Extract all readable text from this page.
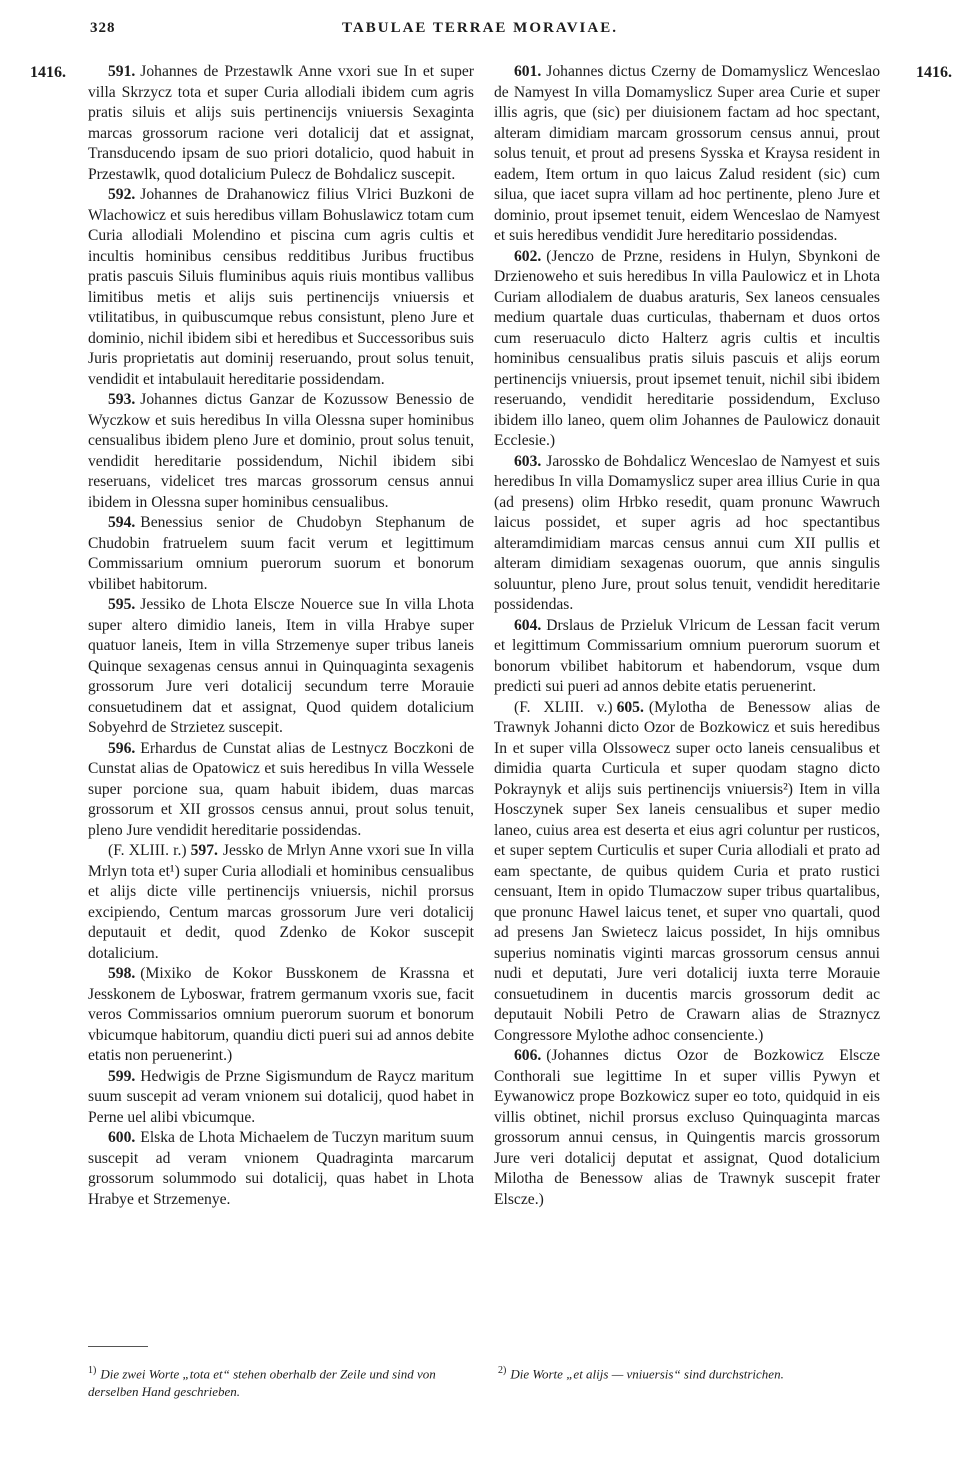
328	TABULAE TERRAE MORAVIAE.
1416.	1416.

591. Johannes de Przestawlk Anne vxori sue In et super villa Skrzycz tota et super Curia allodiali ibidem cum agris pratis siluis et alijs suis pertinencijs vniuersis Sexaginta marcas grossorum racione veri dotalicij dat et assignat, Transducendo ipsam de suo priori dotalicio, quod habuit in Przestawlk, quod dotalicium Pulecz de Bohdalicz suscepit.

592. Johannes de Drahanowicz filius Vlrici Buzkoni de Wlachowicz et suis heredibus villam Bohuslawicz totam cum Curia allodiali Molendino et piscina cum agris cultis et incultis hominibus censibus redditibus Juribus fructibus pratis pascuis Siluis fluminibus aquis riuis montibus vallibus limitibus metis et alijs suis pertinencijs vniuersis et vtilitatibus, in quibuscumque rebus consistunt, pleno Jure et dominio, nichil ibidem sibi et heredibus et Successoribus suis Juris proprietatis aut dominij reseruando, prout solus tenuit, vendidit et intabulauit hereditarie possidendam.

593. Johannes dictus Ganzar de Kozussow Benessio de Wyczkow et suis heredibus In villa Olessna super hominibus censualibus ibidem pleno Jure et dominio, prout solus tenuit, vendidit hereditarie possidendum, Nichil ibidem sibi reseruans, videlicet tres marcas grossorum census annui ibidem in Olessna super hominibus censualibus.

594. Benessius senior de Chudobyn Stephanum de Chudobin fratruelem suum facit verum et legittimum Commissarium omnium puerorum suorum et bonorum vbilibet habitorum.

595. Jessiko de Lhota Elscze Nouerce sue In villa Lhota super altero dimidio laneis, Item in villa Hrabye super quatuor laneis, Item in villa Strzemenye super tribus laneis Quinque sexagenas census annui in Quinquaginta sexagenis grossorum Jure veri dotalicij secundum terre Morauie consuetudinem dat et assignat, Quod quidem dotalicium Sobyehrd de Strzietez suscepit.

596. Erhardus de Cunstat alias de Lestnycz Boczkoni de Cunstat alias de Opatowicz et suis heredibus In villa Wessele super porcione sua, quam habuit ibidem, duas marcas grossorum et XII grossos census annui, prout solus tenuit, pleno Jure vendidit hereditarie possidendas.

(F. XLIII. r.) 597. Jessko de Mrlyn Anne vxori sue In villa Mrlyn tota et¹) super Curia allodiali et hominibus censualibus et alijs dicte ville pertinencijs vniuersis, nichil prorsus excipiendo, Centum marcas grossorum Jure veri dotalicij deputauit et dedit, quod Zdenko de Kokor suscepit dotalicium.

598. (Mixiko de Kokor Busskonem de Krassna et Jesskonem de Lyboswar, fratrem germanum vxoris sue, facit veros Commissarios omnium puerorum suorum et bonorum vbicumque habitorum, quandiu dicti pueri sui ad annos debite etatis non peruenerint.)

599. Hedwigis de Przne Sigismundum de Raycz maritum suum suscepit ad veram vnionem sui dotalicij, quod habet in Perne uel alibi vbicumque.

600. Elska de Lhota Michaelem de Tuczyn maritum suum suscepit ad veram vnionem Quadraginta marcarum grossorum solummodo sui dotalicij, quas habet in Lhota Hrabye et Strzemenye.

601. Johannes dictus Czerny de Domamyslicz Wenceslao de Namyest In villa Domamyslicz Super area Curie et super illis agris, que (sic) per diuisionem factam ad hoc spectant, alteram dimidiam marcam grossorum census annui, prout solus tenuit, et prout ad presens Sysska et Kraysa resident in eadem, Item ortum in quo laicus Zalud resident (sic) cum silua, que iacet supra villam ad hoc pertinente, pleno Jure et dominio, prout ipsemet tenuit, eidem Wenceslao de Namyest et suis heredibus vendidit Jure hereditario possidendas.

602. (Jenczo de Przne, residens in Hulyn, Sbynkoni de Drzienoweho et suis heredibus In villa Paulowicz et in Lhota Curiam allodialem de duabus araturis, Sex laneos censuales medium quartale duas curticulas, thabernam et duos ortos cum reseruaculo dicto Halterz agris cultis et incultis hominibus censualibus pratis siluis pascuis et alijs eorum pertinencijs vniuersis, prout ipsemet tenuit, nichil sibi ibidem reseruando, vendidit hereditarie possidendum, Excluso ibidem illo laneo, quem olim Johannes de Paulowicz donauit Ecclesie.)

603. Jarossko de Bohdalicz Wenceslao de Namyest et suis heredibus In villa Domamyslicz super area illius Curie in qua (ad presens) olim Hrbko resedit, quam pronunc Wawruch laicus possidet, et super agris ad hoc spectantibus alteramdimidiam marcas census annui cum XII pullis et alteram dimidiam sexagenas ouorum, que annis singulis soluuntur, pleno Jure, prout solus tenuit, vendidit hereditarie possidendas.

604. Drslaus de Przieluk Vlricum de Lessan facit verum et legittimum Commissarium omnium puerorum suorum et bonorum vbilibet habitorum et habendorum, vsque dum predicti sui pueri ad annos debite etatis peruenerint.

(F. XLIII. v.) 605. (Mylotha de Benessow alias de Trawnyk Johanni dicto Ozor de Bozkowicz et suis heredibus In et super villa Olssowecz super octo laneis censualibus et dimidia quarta Curticula et super quodam stagno dicto Pokraynyk et alijs suis pertinencijs vniuersis²) Item in villa Hosczynek super Sex laneis censualibus et super medio laneo, cuius area est deserta et eius agri coluntur per rusticos, et super septem Curticulis et super Curia allodiali et prato ad eam spectante, de quibus quidem Curia et prato rustici censuant, Item in opido Tlumaczow super tribus quartalibus, que pronunc Hawel laicus tenet, et super vno quartali, quod ad presens Jan Swietecz laicus possidet, In hijs omnibus superius nominatis viginti marcas grossorum census annui nudi et deputati, Jure veri dotalicij iuxta terre Morauie consuetudinem in ducentis marcis grossorum dedit ac deputauit Nobili Petro de Crawarn alias de Straznycz Congressore Mylothe adhoc consenciente.)

606. (Johannes dictus Ozor de Bozkowicz Elscze Conthorali sue legittime In et super villis Pywyn et Eywanowicz prope Bozkowicz super eo toto, quidquid in eis villis obtinet, nichil prorsus excluso Quinquaginta marcas grossorum annui census, in Quingentis marcis grossorum Jure veri dotalicij deputat et assignat, Quod dotalicium Milotha de Benessow alias de Trawnyk suscepit frater Elscze.)

$^{1)}$ Die zwei Worte „tota et“ stehen oberhalb der Zeile und sind von derselben Hand geschrieben.
$^{2)}$ Die Worte „et alijs — vniuersis“ sind durchstrichen.
